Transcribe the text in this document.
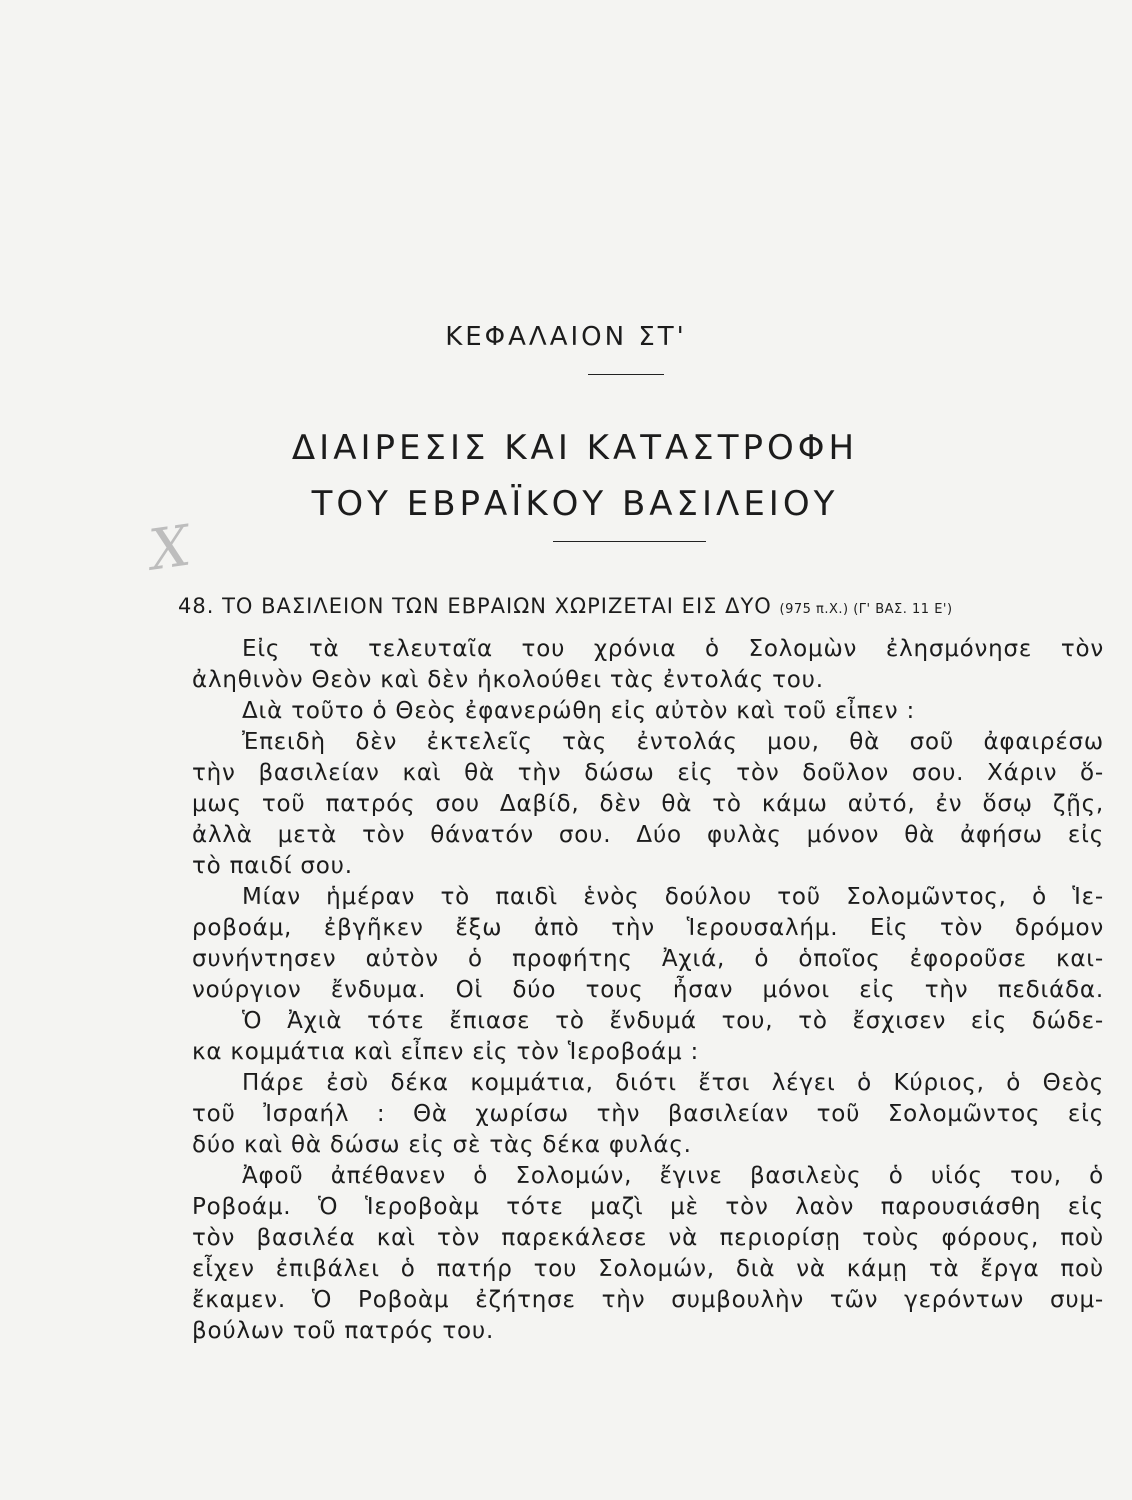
Χ
ΚΕΦΑΛΑΙΟΝ ΣΤ'
ΔΙΑΙΡΕΣΙΣ ΚΑΙ ΚΑΤΑΣΤΡΟΦΗ
ΤΟΥ ΕΒΡΑΪΚΟΥ ΒΑΣΙΛΕΙΟΥ
48. ΤΟ ΒΑΣΙΛΕΙΟΝ ΤΩΝ ΕΒΡΑΙΩΝ ΧΩΡΙΖΕΤΑΙ ΕΙΣ ΔΥΟ (975 π.Χ.) (Γ' ΒΑΣ. 11 Ε')
Εἰς τὰ τελευταῖα του χρόνια ὁ Σολομὼν ἐλησμόνησε τὸν
ἀληθινὸν Θεὸν καὶ δὲν ἠκολούθει τὰς ἐντολάς του.
Διὰ τοῦτο ὁ Θεὸς ἐφανερώθη εἰς αὐτὸν καὶ τοῦ εἶπεν :
Ἐπειδὴ δὲν ἐκτελεῖς τὰς ἐντολάς μου, θὰ σοῦ ἀφαιρέσω
τὴν βασιλείαν καὶ θὰ τὴν δώσω εἰς τὸν δοῦλον σου. Χάριν ὅ-
μως τοῦ πατρός σου Δαβίδ, δὲν θὰ τὸ κάμω αὐτό, ἐν ὅσῳ ζῇς,
ἀλλὰ μετὰ τὸν θάνατόν σου. Δύο φυλὰς μόνον θὰ ἀφήσω εἰς
τὸ παιδί σου.
Μίαν ἡμέραν τὸ παιδὶ ἑνὸς δούλου τοῦ Σολομῶντος, ὁ Ἱε-
ροβοάμ, ἐβγῆκεν ἔξω ἀπὸ τὴν Ἱερουσαλήμ. Εἰς τὸν δρόμον
συνήντησεν αὐτὸν ὁ προφήτης Ἀχιά, ὁ ὁποῖος ἐφοροῦσε και-
νούργιον ἔνδυμα. Οἱ δύο τους ἦσαν μόνοι εἰς τὴν πεδιάδα.
Ὁ Ἀχιὰ τότε ἔπιασε τὸ ἔνδυμά του, τὸ ἔσχισεν εἰς δώδε-
κα κομμάτια καὶ εἶπεν εἰς τὸν Ἱεροβοάμ :
Πάρε ἐσὺ δέκα κομμάτια, διότι ἔτσι λέγει ὁ Κύριος, ὁ Θεὸς
τοῦ Ἰσραήλ : Θὰ χωρίσω τὴν βασιλείαν τοῦ Σολομῶντος εἰς
δύο καὶ θὰ δώσω εἰς σὲ τὰς δέκα φυλάς.
Ἀφοῦ ἀπέθανεν ὁ Σολομών, ἔγινε βασιλεὺς ὁ υἱός του, ὁ
Ροβοάμ. Ὁ Ἱεροβοὰμ τότε μαζὶ μὲ τὸν λαὸν παρουσιάσθη εἰς
τὸν βασιλέα καὶ τὸν παρεκάλεσε νὰ περιορίσῃ τοὺς φόρους, ποὺ
εἶχεν ἐπιβάλει ὁ πατήρ του Σολομών, διὰ νὰ κάμῃ τὰ ἔργα ποὺ
ἔκαμεν. Ὁ Ροβοὰμ ἐζήτησε τὴν συμβουλὴν τῶν γερόντων συμ-
βούλων τοῦ πατρός του.
